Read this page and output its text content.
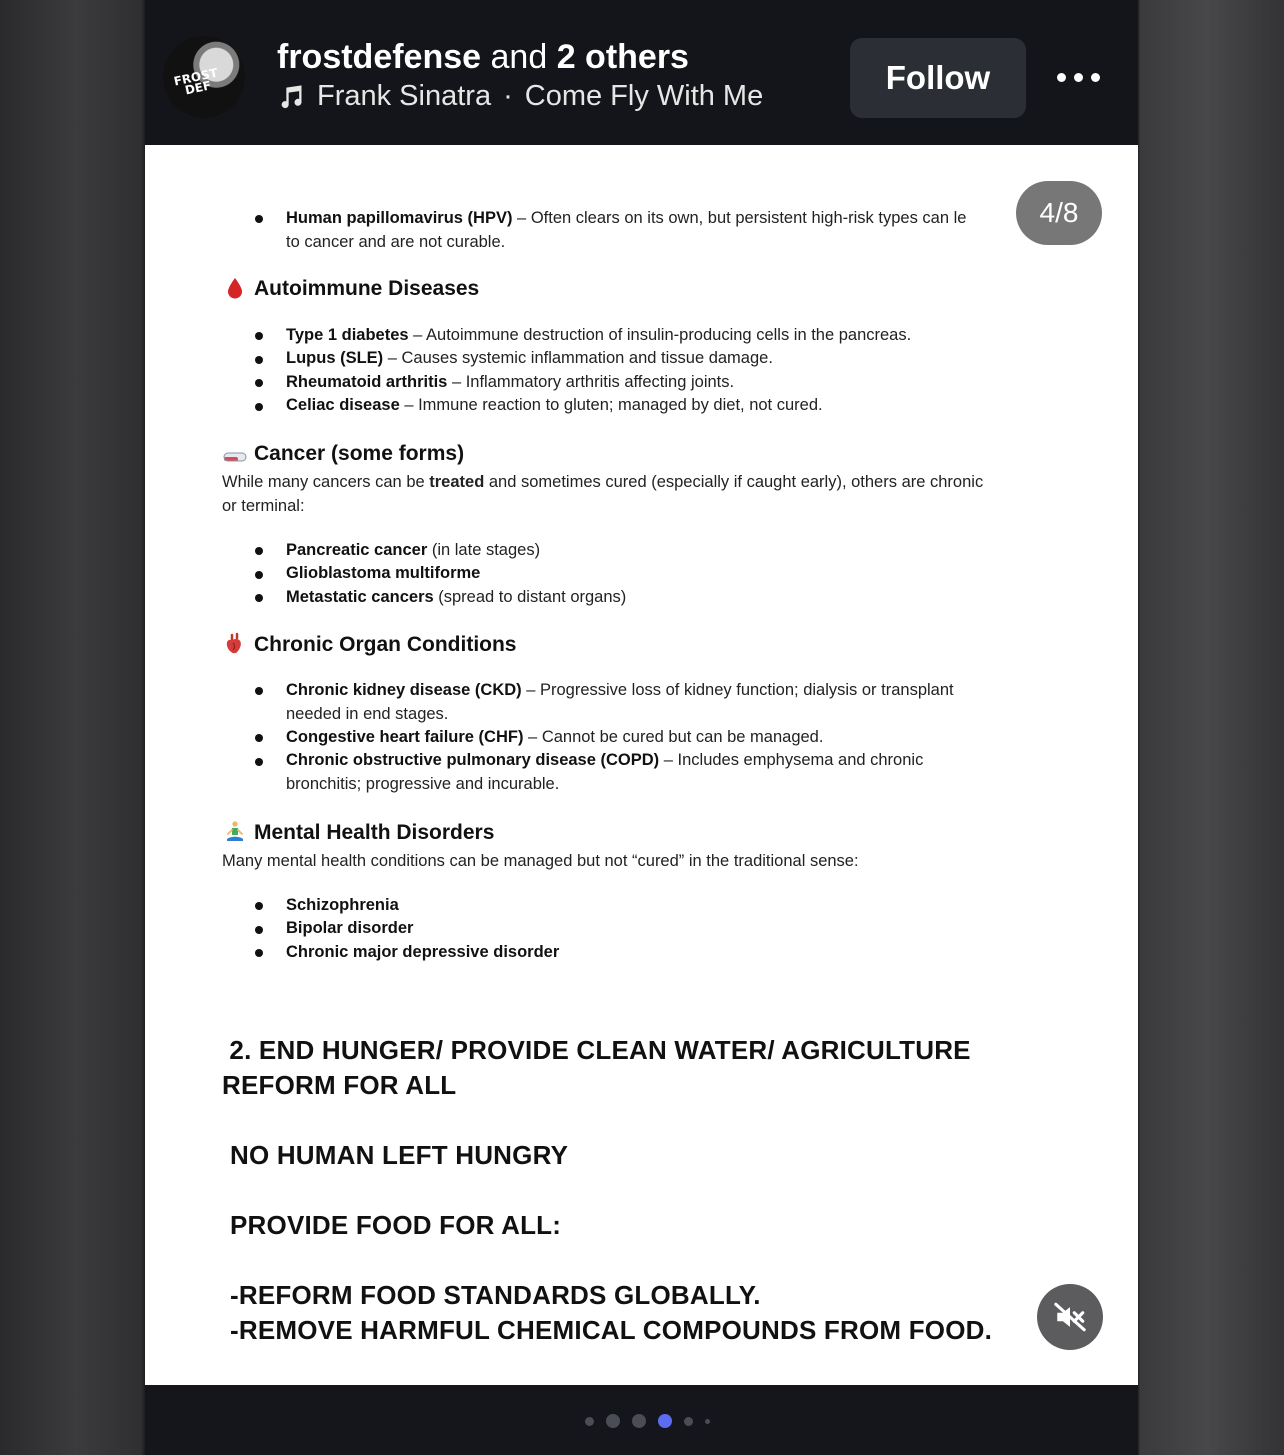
FROST DEF
frostdefense and 2 others
Frank Sinatra · Come Fly With Me	Follow
Human papillomavirus (HPV) – Often clears on its own, but persistent high-risk types can le
to cancer and are not curable.
Autoimmune Diseases
Type 1 diabetes – Autoimmune destruction of insulin-producing cells in the pancreas.
Lupus (SLE) – Causes systemic inflammation and tissue damage.
Rheumatoid arthritis – Inflammatory arthritis affecting joints.
Celiac disease – Immune reaction to gluten; managed by diet, not cured.
Cancer (some forms)
While many cancers can be treated and sometimes cured (especially if caught early), others are chronic
or terminal:
Pancreatic cancer (in late stages)
Glioblastoma multiforme
Metastatic cancers (spread to distant organs)
Chronic Organ Conditions
Chronic kidney disease (CKD) – Progressive loss of kidney function; dialysis or transplant
needed in end stages.
Congestive heart failure (CHF) – Cannot be cured but can be managed.
Chronic obstructive pulmonary disease (COPD) – Includes emphysema and chronic
bronchitis; progressive and incurable.
Mental Health Disorders
Many mental health conditions can be managed but not “cured” in the traditional sense:
Schizophrenia
Bipolar disorder
Chronic major depressive disorder
2. END HUNGER/ PROVIDE CLEAN WATER/ AGRICULTURE
REFORM FOR ALL
NO HUMAN LEFT HUNGRY
PROVIDE FOOD FOR ALL:
-REFORM FOOD STANDARDS GLOBALLY.
-REMOVE HARMFUL CHEMICAL COMPOUNDS FROM FOOD.
4/8
